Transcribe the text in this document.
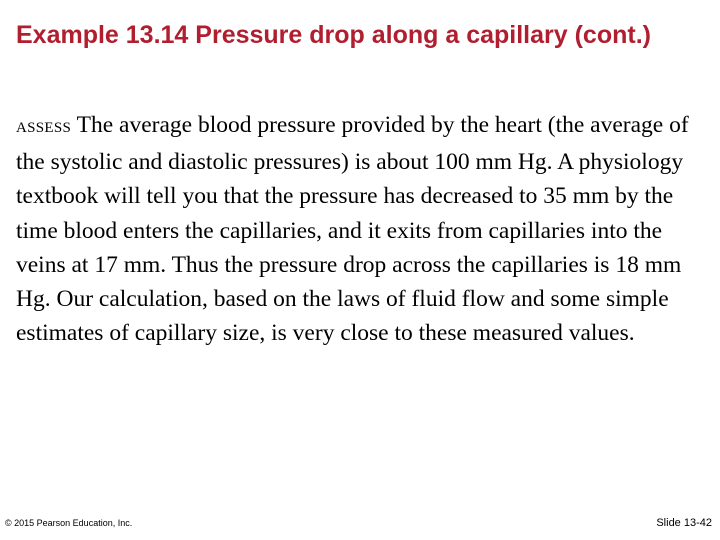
Example 13.14 Pressure drop along a capillary (cont.)

ASSESS The average blood pressure provided by the heart (the average of the systolic and diastolic pressures) is about 100 mm Hg. A physiology textbook will tell you that the pressure has decreased to 35 mm by the time blood enters the capillaries, and it exits from capillaries into the veins at 17 mm. Thus the pressure drop across the capillaries is 18 mm Hg. Our calculation, based on the laws of fluid flow and some simple estimates of capillary size, is very close to these measured values.

© 2015 Pearson Education, Inc.	Slide 13-42
